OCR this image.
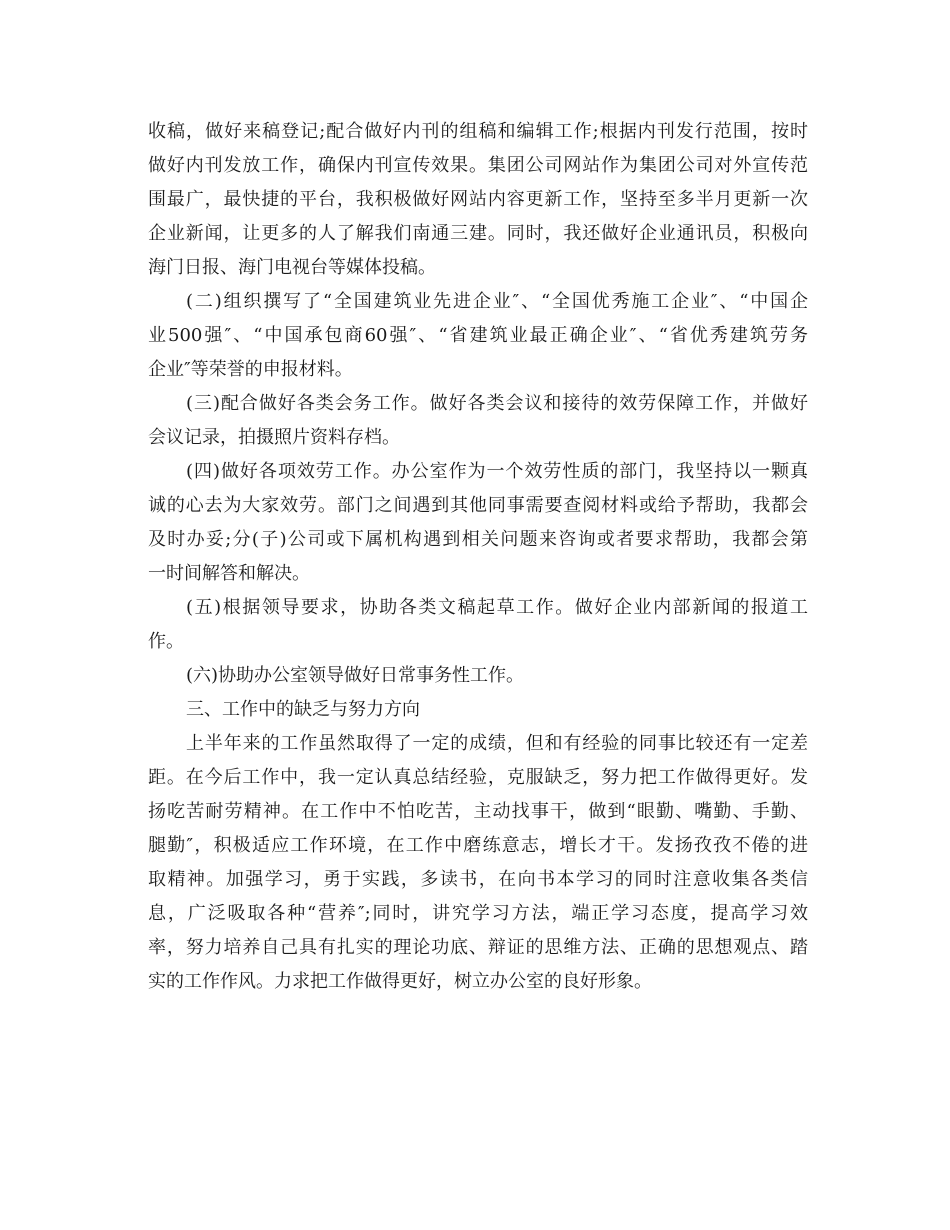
收稿，做好来稿登记;配合做好内刊的组稿和编辑工作;根据内刊发行范围，按时
做好内刊发放工作，确保内刊宣传效果。集团公司网站作为集团公司对外宣传范
围最广，最快捷的平台，我积极做好网站内容更新工作，坚持至多半月更新一次
企业新闻，让更多的人了解我们南通三建。同时，我还做好企业通讯员，积极向
海门日报、海门电视台等媒体投稿。
(二)组织撰写了“全国建筑业先进企业″、“全国优秀施工企业″、“中国企
业500强″、“中国承包商60强″、“省建筑业最正确企业″、“省优秀建筑劳务
企业″等荣誉的申报材料。
(三)配合做好各类会务工作。做好各类会议和接待的效劳保障工作，并做好
会议记录，拍摄照片资料存档。
(四)做好各项效劳工作。办公室作为一个效劳性质的部门，我坚持以一颗真
诚的心去为大家效劳。部门之间遇到其他同事需要查阅材料或给予帮助，我都会
及时办妥;分(子)公司或下属机构遇到相关问题来咨询或者要求帮助，我都会第
一时间解答和解决。
(五)根据领导要求，协助各类文稿起草工作。做好企业内部新闻的报道工
作。
(六)协助办公室领导做好日常事务性工作。
三、工作中的缺乏与努力方向
上半年来的工作虽然取得了一定的成绩，但和有经验的同事比较还有一定差
距。在今后工作中，我一定认真总结经验，克服缺乏，努力把工作做得更好。发
扬吃苦耐劳精神。在工作中不怕吃苦，主动找事干，做到“眼勤、嘴勤、手勤、
腿勤″，积极适应工作环境，在工作中磨练意志，增长才干。发扬孜孜不倦的进
取精神。加强学习，勇于实践，多读书，在向书本学习的同时注意收集各类信
息，广泛吸取各种“营养″;同时，讲究学习方法，端正学习态度，提高学习效
率，努力培养自己具有扎实的理论功底、辩证的思维方法、正确的思想观点、踏
实的工作作风。力求把工作做得更好，树立办公室的良好形象。
